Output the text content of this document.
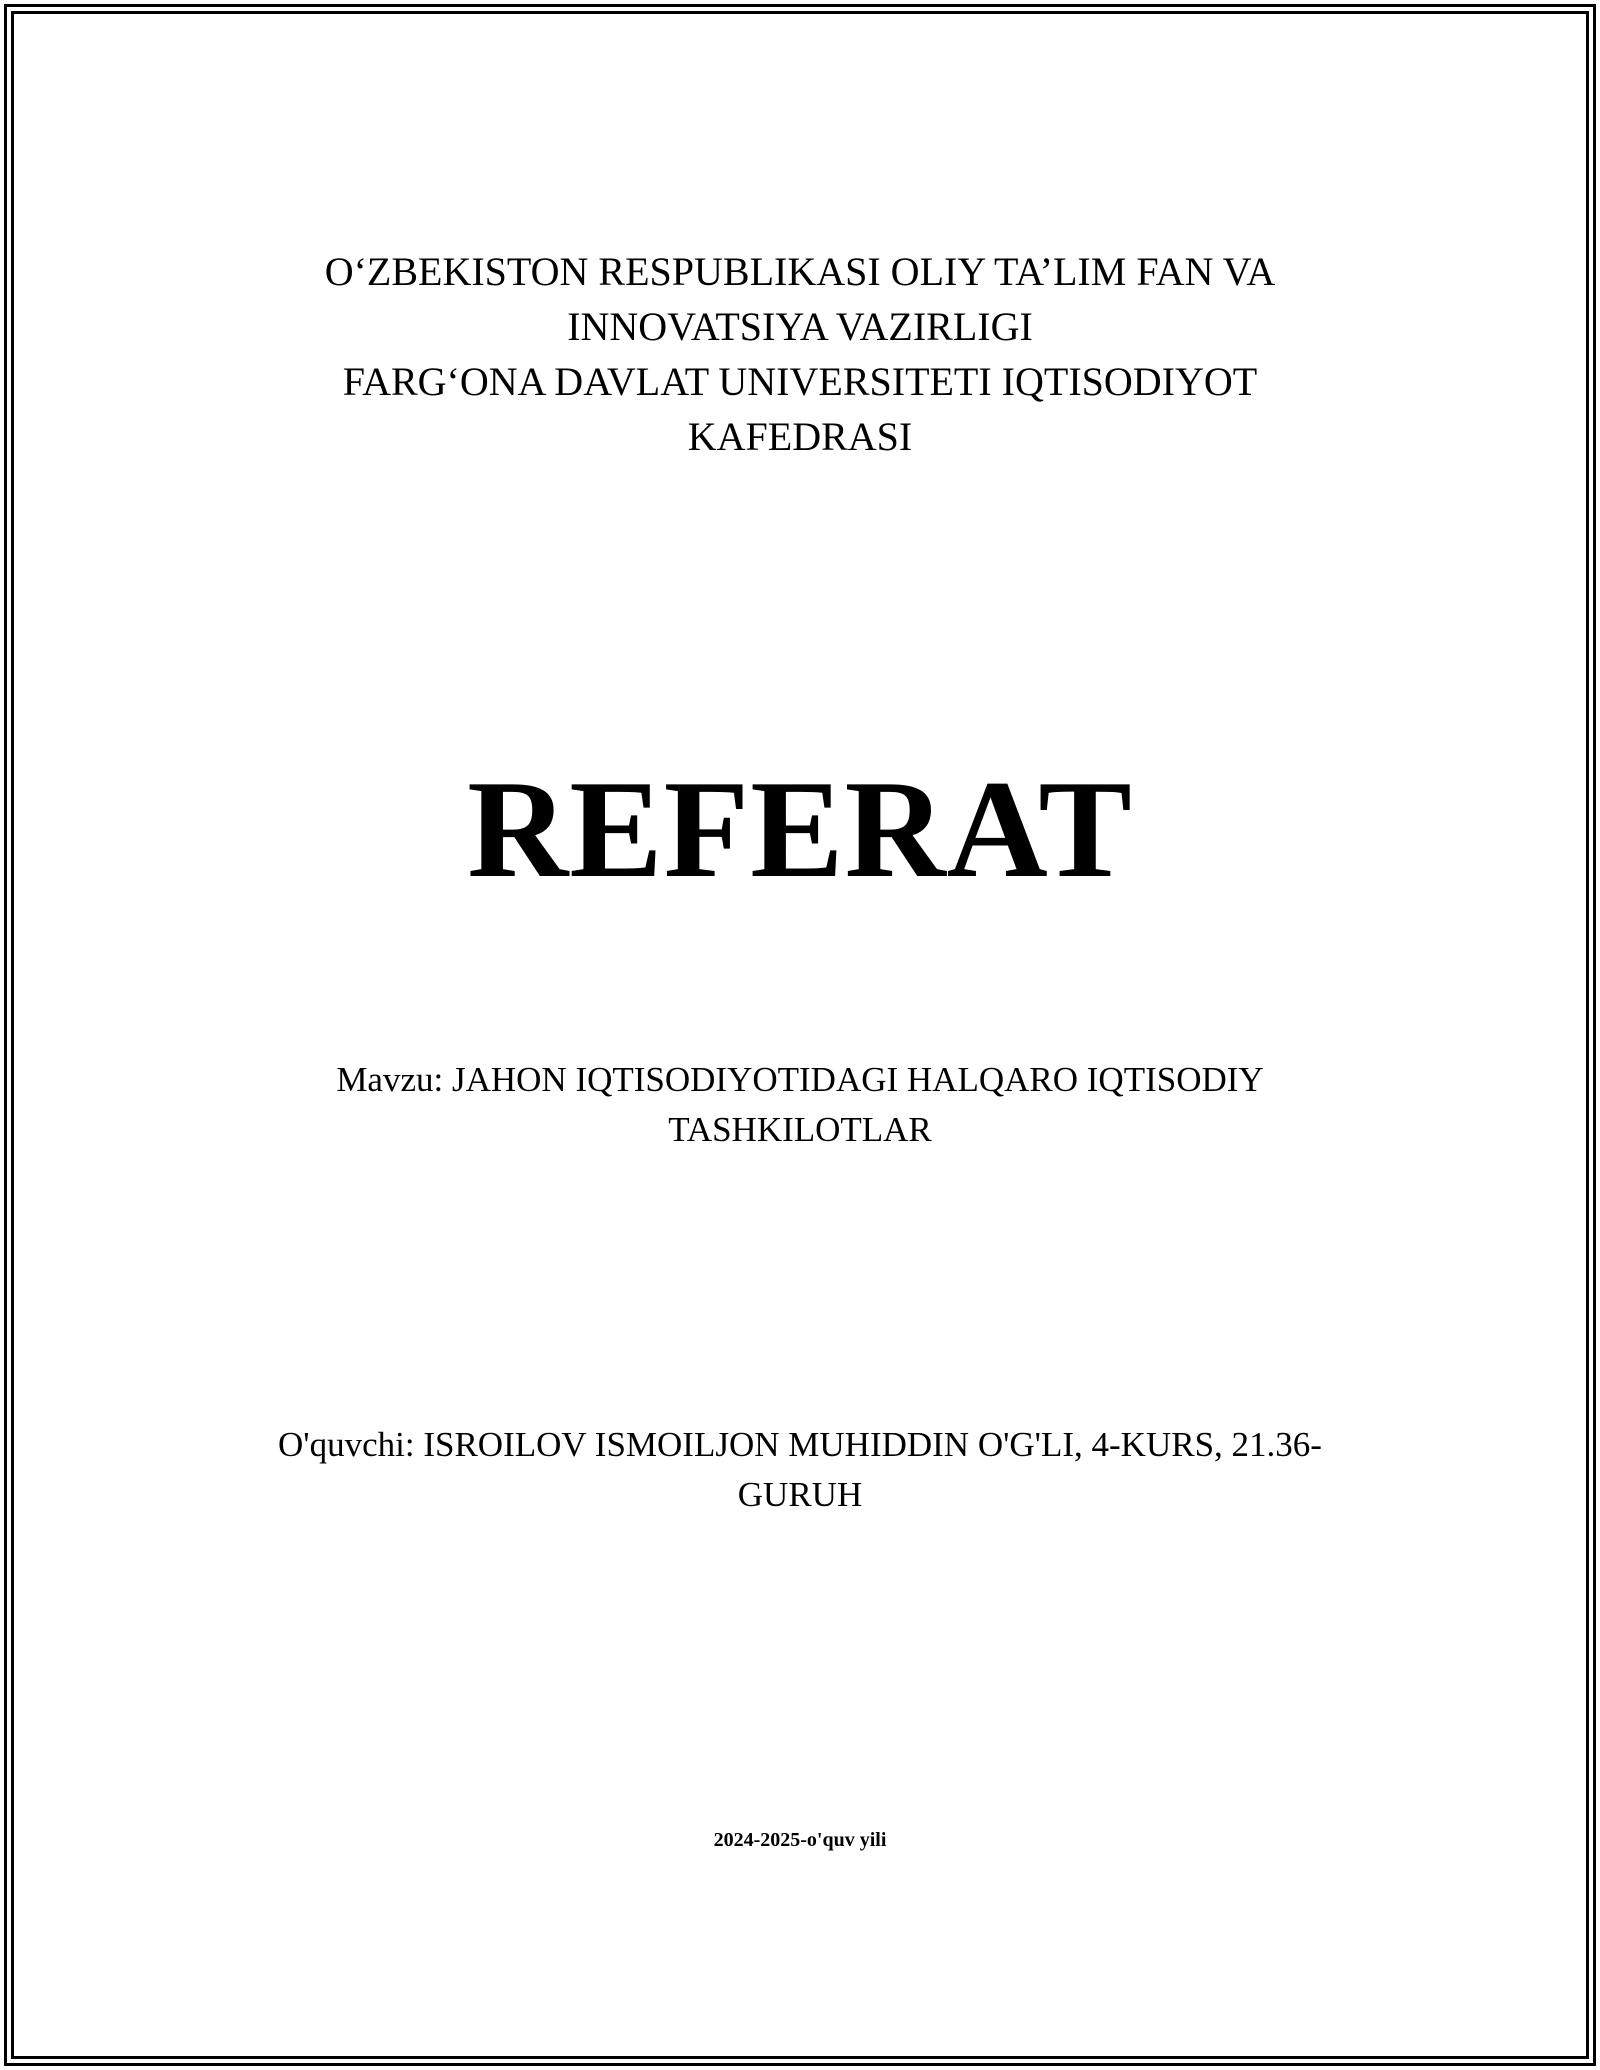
O‘ZBEKISTON RESPUBLIKASI OLIY TA’LIM FAN VA
INNOVATSIYA VAZIRLIGI
FARG‘ONA DAVLAT UNIVERSITETI IQTISODIYOT
KAFEDRASI
REFERAT
Mavzu: JAHON IQTISODIYOTIDAGI HALQARO IQTISODIY
TASHKILOTLAR
O'quvchi: ISROILOV ISMOILJON MUHIDDIN O'G'LI, 4-KURS, 21.36-
GURUH
2024-2025-o'quv yili
